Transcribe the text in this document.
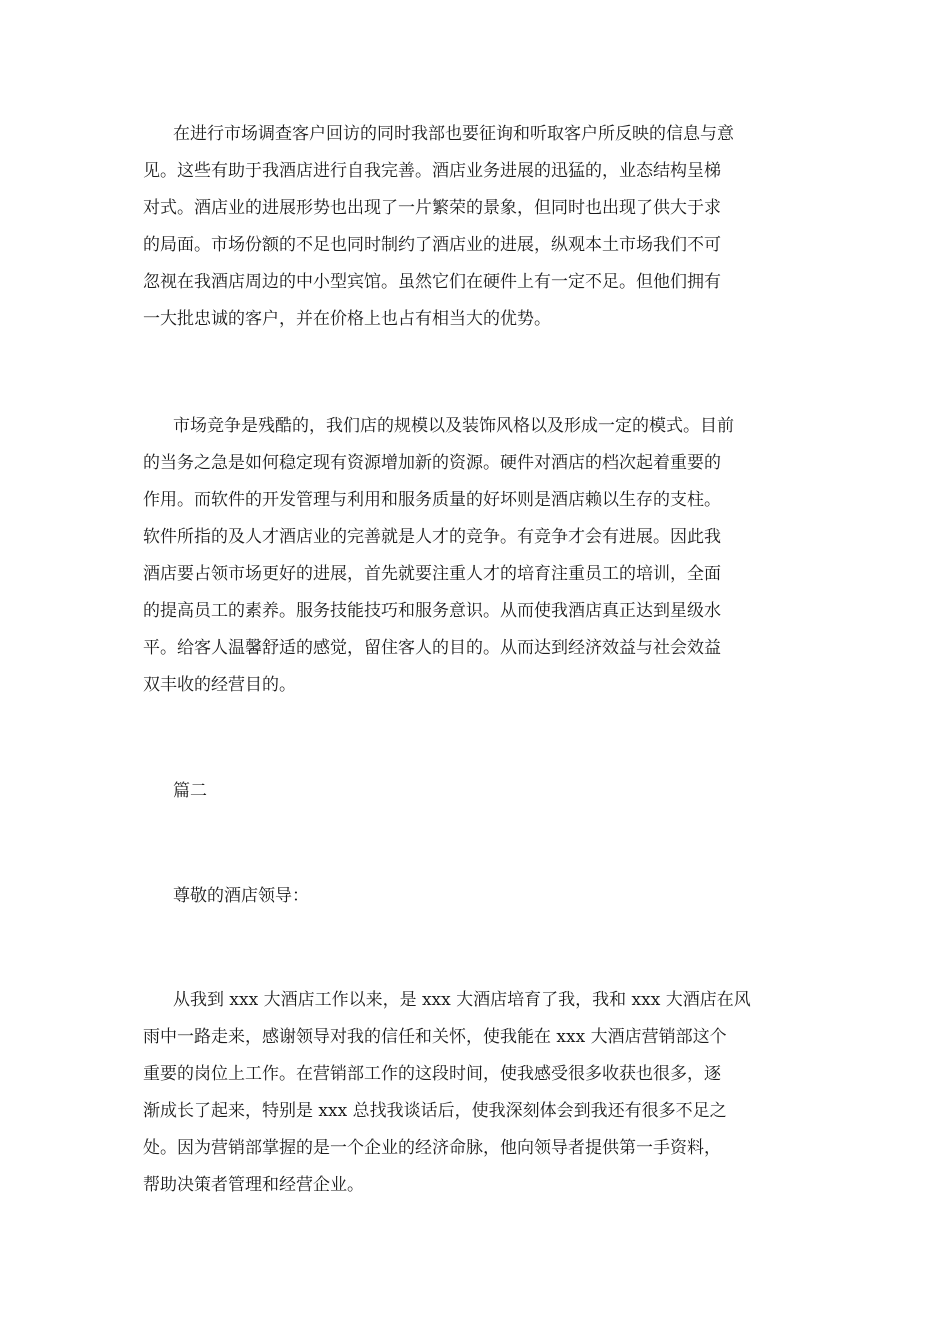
在进行市场调查客户回访的同时我部也要征询和听取客户所反映的信息与意
见。这些有助于我酒店进行自我完善。酒店业务进展的迅猛的，业态结构呈梯
对式。酒店业的进展形势也出现了一片繁荣的景象，但同时也出现了供大于求
的局面。市场份额的不足也同时制约了酒店业的进展，纵观本土市场我们不可
忽视在我酒店周边的中小型宾馆。虽然它们在硬件上有一定不足。但他们拥有
一大批忠诚的客户，并在价格上也占有相当大的优势。
市场竞争是残酷的，我们店的规模以及装饰风格以及形成一定的模式。目前
的当务之急是如何稳定现有资源增加新的资源。硬件对酒店的档次起着重要的
作用。而软件的开发管理与利用和服务质量的好坏则是酒店赖以生存的支柱。
软件所指的及人才酒店业的完善就是人才的竞争。有竞争才会有进展。因此我
酒店要占领市场更好的进展，首先就要注重人才的培育注重员工的培训，全面
的提高员工的素养。服务技能技巧和服务意识。从而使我酒店真正达到星级水
平。给客人温馨舒适的感觉，留住客人的目的。从而达到经济效益与社会效益
双丰收的经营目的。
篇二
尊敬的酒店领导：
从我到 xxx 大酒店工作以来，是 xxx 大酒店培育了我，我和 xxx 大酒店在风
雨中一路走来，感谢领导对我的信任和关怀，使我能在 xxx 大酒店营销部这个
重要的岗位上工作。在营销部工作的这段时间，使我感受很多收获也很多，逐
渐成长了起来，特别是 xxx 总找我谈话后，使我深刻体会到我还有很多不足之
处。因为营销部掌握的是一个企业的经济命脉，他向领导者提供第一手资料，
帮助决策者管理和经营企业。
